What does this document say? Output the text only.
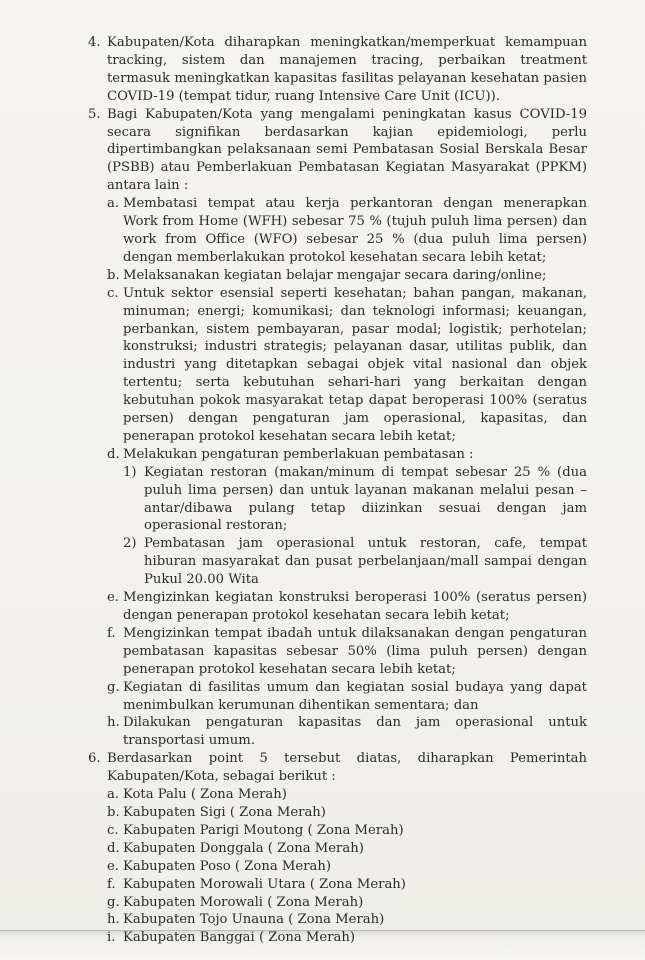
4. Kabupaten/Kota diharapkan meningkatkan/memperkuat kemampuan tracking, sistem dan manajemen tracing, perbaikan treatment termasuk meningkatkan kapasitas fasilitas pelayanan kesehatan pasien COVID-19 (tempat tidur, ruang Intensive Care Unit (ICU)).
5. Bagi Kabupaten/Kota yang mengalami peningkatan kasus COVID-19 secara signifikan berdasarkan kajian epidemiologi, perlu dipertimbangkan pelaksanaan semi Pembatasan Sosial Berskala Besar (PSBB) atau Pemberlakuan Pembatasan Kegiatan Masyarakat (PPKM) antara lain :
a. Membatasi tempat atau kerja perkantoran dengan menerapkan Work from Home (WFH) sebesar 75 % (tujuh puluh lima persen) dan work from Office (WFO) sebesar 25 % (dua puluh lima persen) dengan memberlakukan protokol kesehatan secara lebih ketat;
b. Melaksanakan kegiatan belajar mengajar secara daring/online;
c. Untuk sektor esensial seperti kesehatan; bahan pangan, makanan, minuman; energi; komunikasi; dan teknologi informasi; keuangan, perbankan, sistem pembayaran, pasar modal; logistik; perhotelan; konstruksi; industri strategis; pelayanan dasar, utilitas publik, dan industri yang ditetapkan sebagai objek vital nasional dan objek tertentu; serta kebutuhan sehari-hari yang berkaitan dengan kebutuhan pokok masyarakat tetap dapat beroperasi 100% (seratus persen) dengan pengaturan jam operasional, kapasitas, dan penerapan protokol kesehatan secara lebih ketat;
d. Melakukan pengaturan pemberlakuan pembatasan :
1) Kegiatan restoran (makan/minum di tempat sebesar 25 % (dua puluh lima persen) dan untuk layanan makanan melalui pesan – antar/dibawa pulang tetap diizinkan sesuai dengan jam operasional restoran;
2) Pembatasan jam operasional untuk restoran, cafe, tempat hiburan masyarakat dan pusat perbelanjaan/mall sampai dengan Pukul 20.00 Wita
e. Mengizinkan kegiatan konstruksi beroperasi 100% (seratus persen) dengan penerapan protokol kesehatan secara lebih ketat;
f. Mengizinkan tempat ibadah untuk dilaksanakan dengan pengaturan pembatasan kapasitas sebesar 50% (lima puluh persen) dengan penerapan protokol kesehatan secara lebih ketat;
g. Kegiatan di fasilitas umum dan kegiatan sosial budaya yang dapat menimbulkan kerumunan dihentikan sementara; dan
h. Dilakukan pengaturan kapasitas dan jam operasional untuk transportasi umum.
6. Berdasarkan point 5 tersebut diatas, diharapkan Pemerintah Kabupaten/Kota, sebagai berikut :
a. Kota Palu ( Zona Merah)
b. Kabupaten Sigi ( Zona Merah)
c. Kabupaten Parigi Moutong ( Zona Merah)
d. Kabupaten Donggala ( Zona Merah)
e. Kabupaten Poso ( Zona Merah)
f. Kabupaten Morowali Utara ( Zona Merah)
g. Kabupaten Morowali ( Zona Merah)
h. Kabupaten Tojo Unauna ( Zona Merah)
i. Kabupaten Banggai ( Zona Merah)
